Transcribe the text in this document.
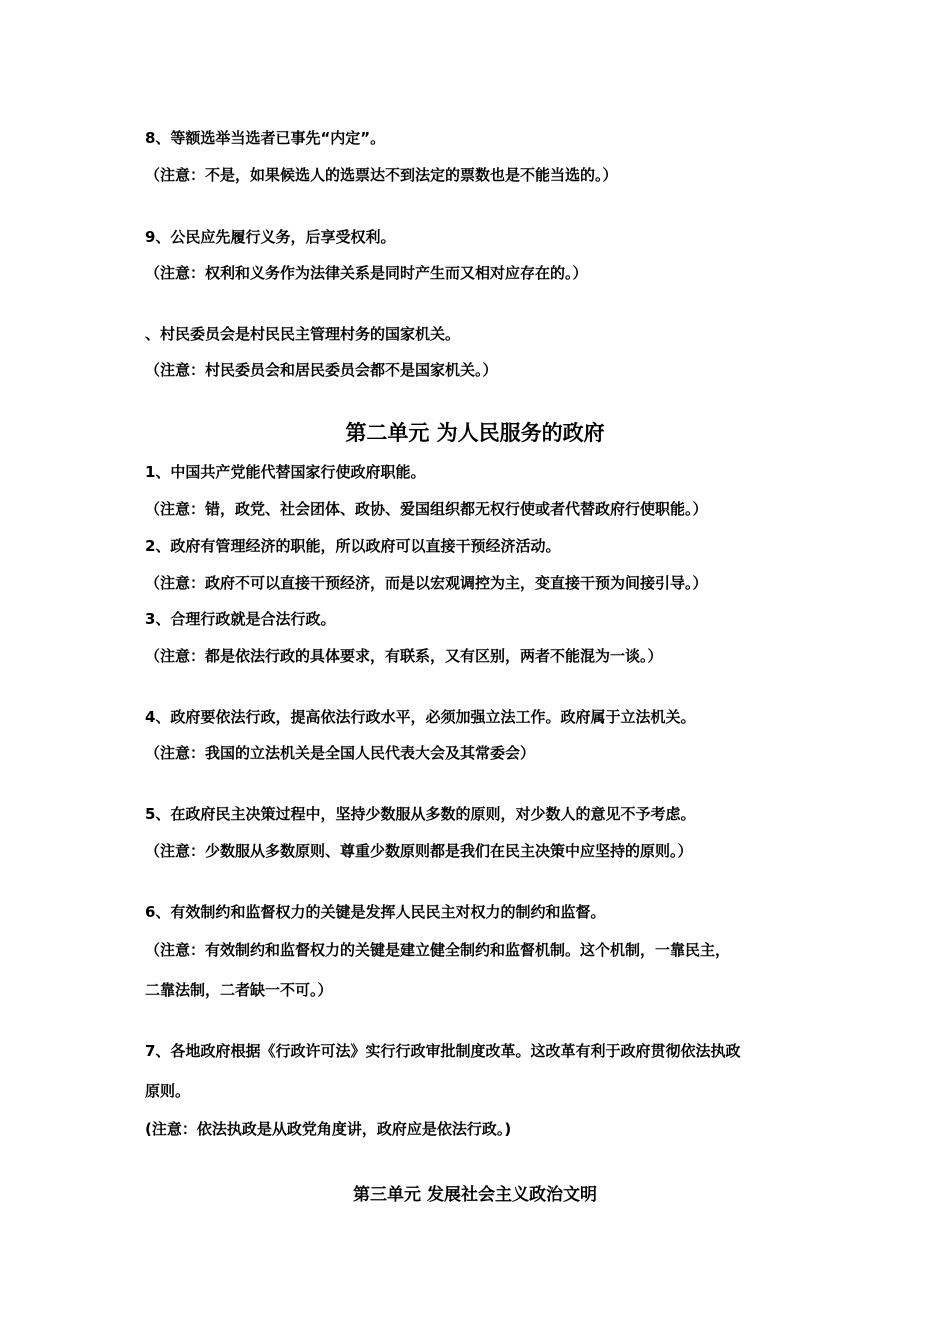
8、等额选举当选者已事先“内定”。
（注意：不是，如果候选人的选票达不到法定的票数也是不能当选的。）
9、公民应先履行义务，后享受权利。
（注意：权利和义务作为法律关系是同时产生而又相对应存在的。）
、村民委员会是村民民主管理村务的国家机关。
（注意：村民委员会和居民委员会都不是国家机关。）
第二单元 为人民服务的政府
1、中国共产党能代替国家行使政府职能。
（注意：错，政党、社会团体、政协、爱国组织都无权行使或者代替政府行使职能。）
2、政府有管理经济的职能，所以政府可以直接干预经济活动。
（注意：政府不可以直接干预经济，而是以宏观调控为主，变直接干预为间接引导。）
3、合理行政就是合法行政。
（注意：都是依法行政的具体要求，有联系，又有区别，两者不能混为一谈。）
4、政府要依法行政，提高依法行政水平，必须加强立法工作。政府属于立法机关。
（注意：我国的立法机关是全国人民代表大会及其常委会）
5、在政府民主决策过程中，坚持少数服从多数的原则，对少数人的意见不予考虑。
（注意：少数服从多数原则、尊重少数原则都是我们在民主决策中应坚持的原则。）
6、有效制约和监督权力的关键是发挥人民民主对权力的制约和监督。
（注意：有效制约和监督权力的关键是建立健全制约和监督机制。这个机制，一靠民主，
二靠法制，二者缺一不可。）
7、各地政府根据《行政许可法》实行行政审批制度改革。这改革有利于政府贯彻依法执政
原则。
(注意：依法执政是从政党角度讲，政府应是依法行政。)
第三单元 发展社会主义政治文明
